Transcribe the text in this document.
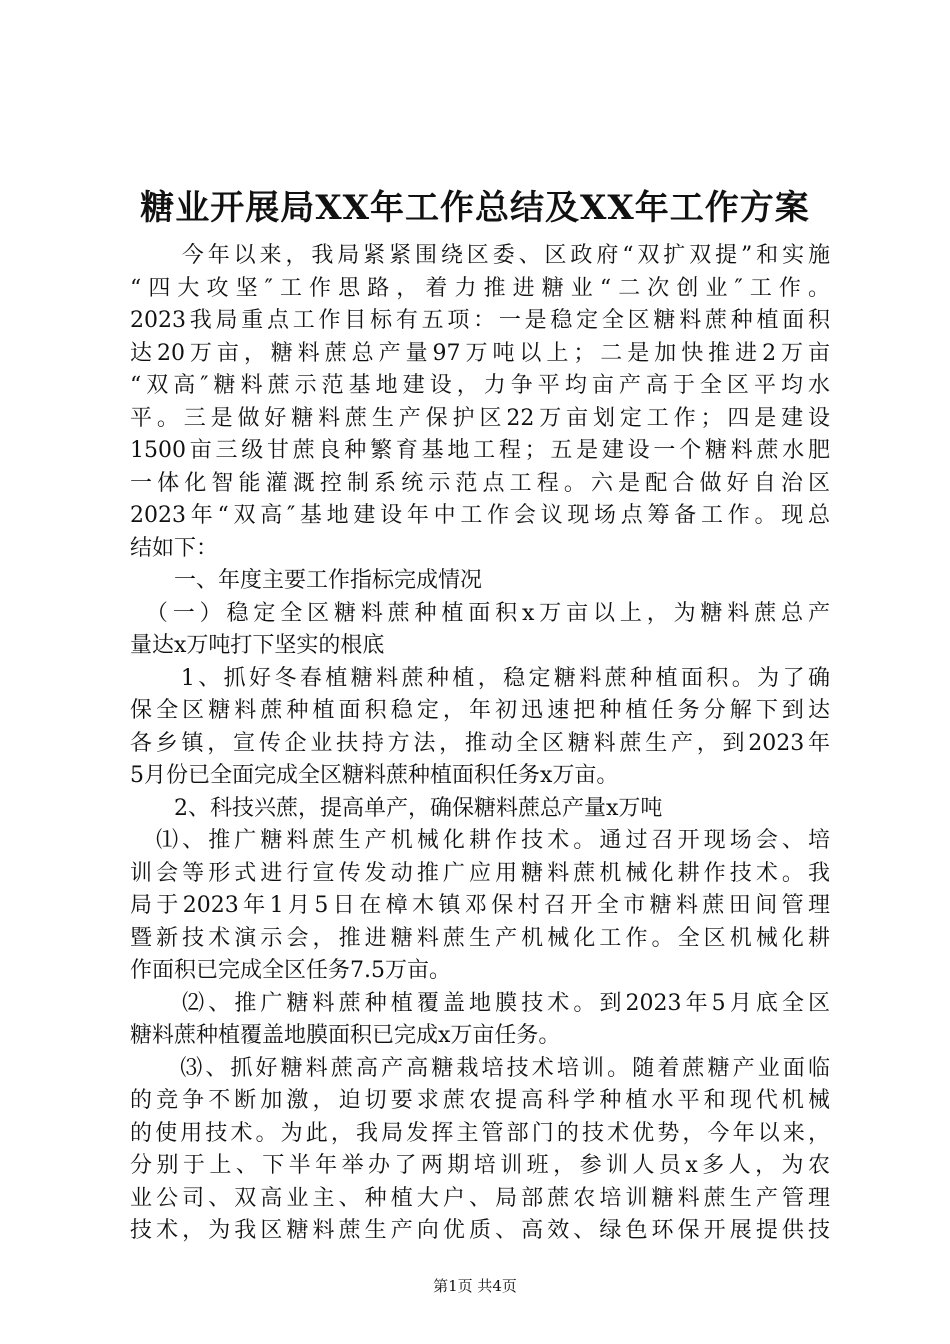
糖业开展局XX年工作总结及XX年工作方案
　　今年以来，我局紧紧围绕区委、区政府“双扩双提”和实施
“四大攻坚″工作思路，着力推进糖业“二次创业″工作。
2023我局重点工作目标有五项：一是稳定全区糖料蔗种植面积
达20万亩，糖料蔗总产量97万吨以上；二是加快推进2万亩
“双高″糖料蔗示范基地建设，力争平均亩产高于全区平均水
平。三是做好糖料蔗生产保护区22万亩划定工作；四是建设
1500亩三级甘蔗良种繁育基地工程；五是建设一个糖料蔗水肥
一体化智能灌溉控制系统示范点工程。六是配合做好自治区
2023年“双高″基地建设年中工作会议现场点筹备工作。现总
结如下：
　　一、年度主要工作指标完成情况
　（一）稳定全区糖料蔗种植面积x万亩以上，为糖料蔗总产
量达x万吨打下坚实的根底
　　1、抓好冬春植糖料蔗种植，稳定糖料蔗种植面积。为了确
保全区糖料蔗种植面积稳定，年初迅速把种植任务分解下到达
各乡镇，宣传企业扶持方法，推动全区糖料蔗生产，到2023年
5月份已全面完成全区糖料蔗种植面积任务x万亩。
　　2、科技兴蔗，提高单产，确保糖料蔗总产量x万吨
　⑴、推广糖料蔗生产机械化耕作技术。通过召开现场会、培
训会等形式进行宣传发动推广应用糖料蔗机械化耕作技术。我
局于2023年1月5日在樟木镇邓保村召开全市糖料蔗田间管理
暨新技术演示会，推进糖料蔗生产机械化工作。全区机械化耕
作面积已完成全区任务7.5万亩。
　　⑵、推广糖料蔗种植覆盖地膜技术。到2023年5月底全区
糖料蔗种植覆盖地膜面积已完成x万亩任务。
　　⑶、抓好糖料蔗高产高糖栽培技术培训。随着蔗糖产业面临
的竞争不断加激，迫切要求蔗农提高科学种植水平和现代机械
的使用技术。为此，我局发挥主管部门的技术优势，今年以来，
分别于上、下半年举办了两期培训班，参训人员x多人，为农
业公司、双高业主、种植大户、局部蔗农培训糖料蔗生产管理
技术，为我区糖料蔗生产向优质、高效、绿色环保开展提供技
第1页 共4页
